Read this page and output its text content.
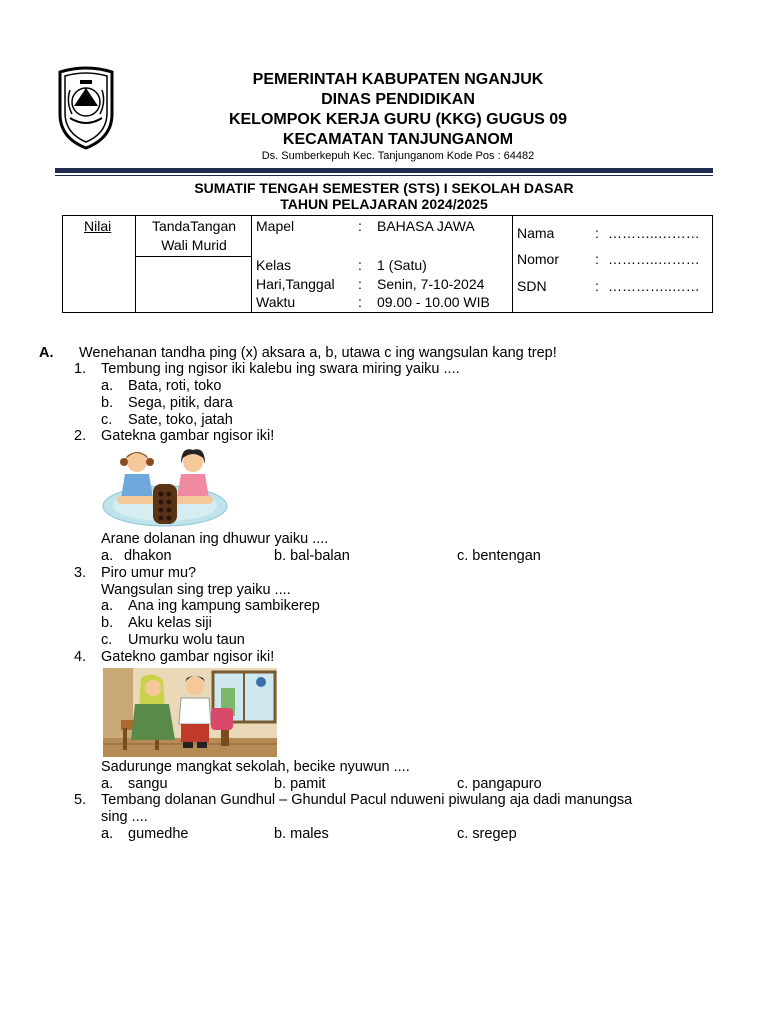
PEMERINTAH KABUPATEN NGANJUK
DINAS PENDIDIKAN
KELOMPOK KERJA GURU (KKG) GUGUS 09
KECAMATAN TANJUNGANOM
Ds. Sumberkepuh Kec. Tanjunganom Kode Pos : 64482
SUMATIF TENGAH SEMESTER (STS) I SEKOLAH DASAR
TAHUN PELAJARAN 2024/2025
Nilai	TandaTangan
Wali Murid
Mapel	: BAHASA JAWA
Kelas	: 1 (Satu)
Hari,Tanggal : Senin, 7-10-2024
Waktu	: 09.00 - 10.00 WIB
Nama	: ………..………
Nomor	: ………..………
SDN	: …………..……
A. Wenehanan tandha ping (x) aksara a, b, utawa c ing wangsulan kang trep!
1. Tembung ing ngisor iki kalebu ing swara miring yaiku ....
a. Bata, roti, toko
b. Sega, pitik, dara
c. Sate, toko, jatah
2. Gatekna gambar ngisor iki!
Arane dolanan ing dhuwur yaiku ....
a. dhakon	b. bal-balan	c. bentengan
3. Piro umur mu?
Wangsulan sing trep yaiku ....
a. Ana ing kampung sambikerep
b. Aku kelas siji
c. Umurku wolu taun
4. Gatekno gambar ngisor iki!
Sadurunge mangkat sekolah, becike nyuwun ....
a. sangu	b. pamit	c. pangapuro
5. Tembang dolanan Gundhul – Ghundul Pacul nduweni piwulang aja dadi manungsa
sing ....
a. gumedhe	b. males	c. sregep
